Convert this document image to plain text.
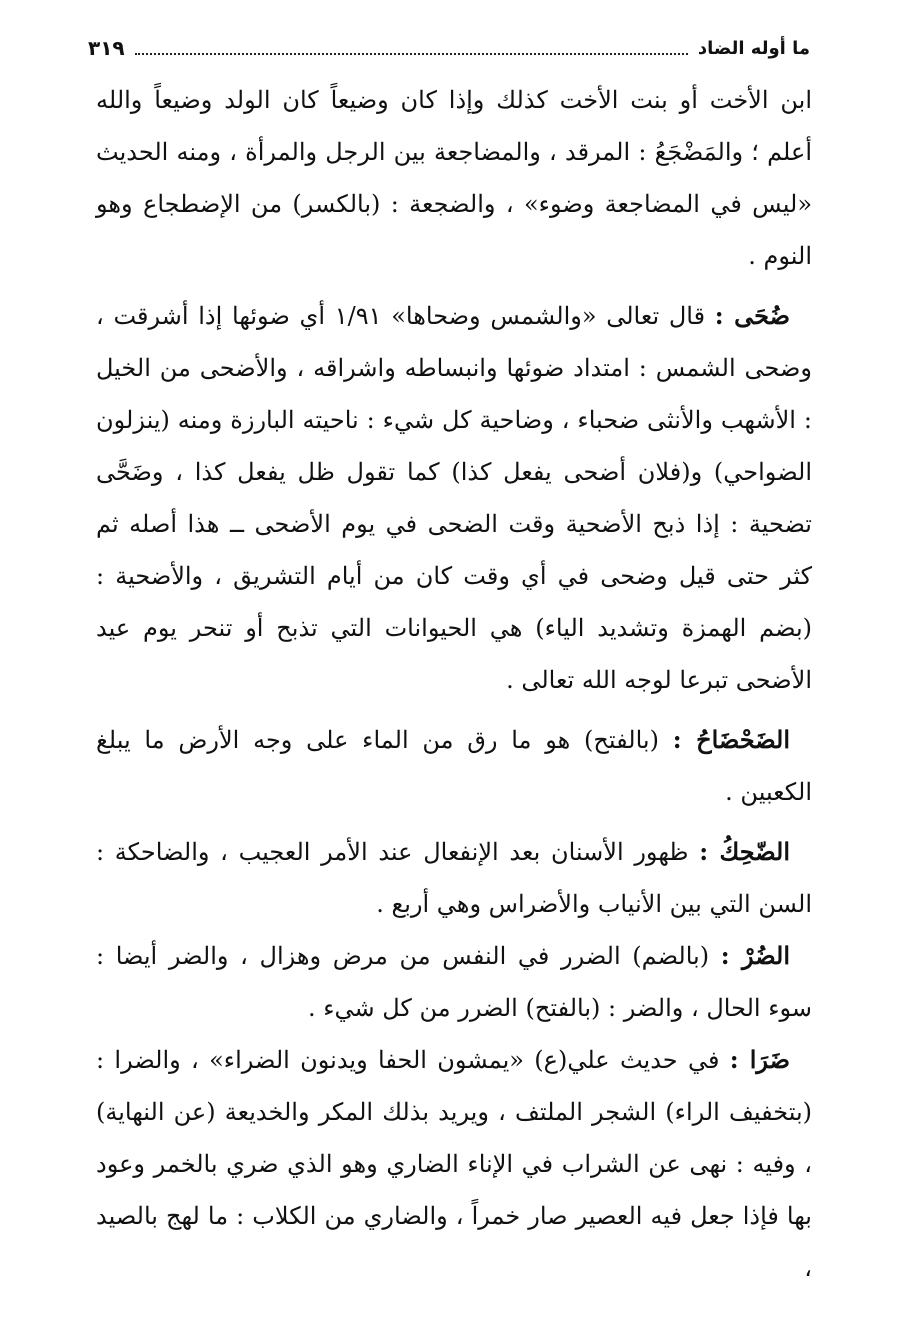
ما أوله الضاد
٣١٩

ابن الأخت أو بنت الأخت كذلك وإذا كان وضيعاً كان الولد وضيعاً والله أعلم ؛ والمَضْجَعُ : المرقد ، والمضاجعة بين الرجل والمرأة ، ومنه الحديث «ليس في المضاجعة وضوء» ، والضجعة : (بالكسر) من الإضطجاع وهو النوم .

ضُحَى : قال تعالى «والشمس وضحاها» ١/٩١ أي ضوئها إذا أشرقت ، وضحى الشمس : امتداد ضوئها وانبساطه واشراقه ، والأضحى من الخيل : الأشهب والأنثى ضحباء ، وضاحية كل شيء : ناحيته البارزة ومنه (ينزلون الضواحي) و(فلان أضحى يفعل كذا) كما تقول ظل يفعل كذا ، وضَحَّى تضحية : إذا ذبح الأضحية وقت الضحى في يوم الأضحى ــ هذا أصله ثم كثر حتى قيل وضحى في أي وقت كان من أيام التشريق ، والأضحية : (بضم الهمزة وتشديد الياء) هي الحيوانات التي تذبح أو تنحر يوم عيد الأضحى تبرعا لوجه الله تعالى .

الضَحْضَاحُ : (بالفتح) هو ما رق من الماء على وجه الأرض ما يبلغ الكعبين .

الضّحِكُ : ظهور الأسنان بعد الإنفعال عند الأمر العجيب ، والضاحكة : السن التي بين الأنياب والأضراس وهي أربع .

الضُرْ : (بالضم) الضرر في النفس من مرض وهزال ، والضر أيضا : سوء الحال ، والضر : (بالفتح) الضرر من كل شيء .

ضَرَا : في حديث علي(ع) «يمشون الحفا ويدنون الضراء» ، والضرا : (بتخفيف الراء) الشجر الملتف ، ويريد بذلك المكر والخديعة (عن النهاية) ، وفيه : نهى عن الشراب في الإناء الضاري وهو الذي ضري بالخمر وعود بها فإذا جعل فيه العصير صار خمراً ، والضاري من الكلاب : ما لهج بالصيد ،
